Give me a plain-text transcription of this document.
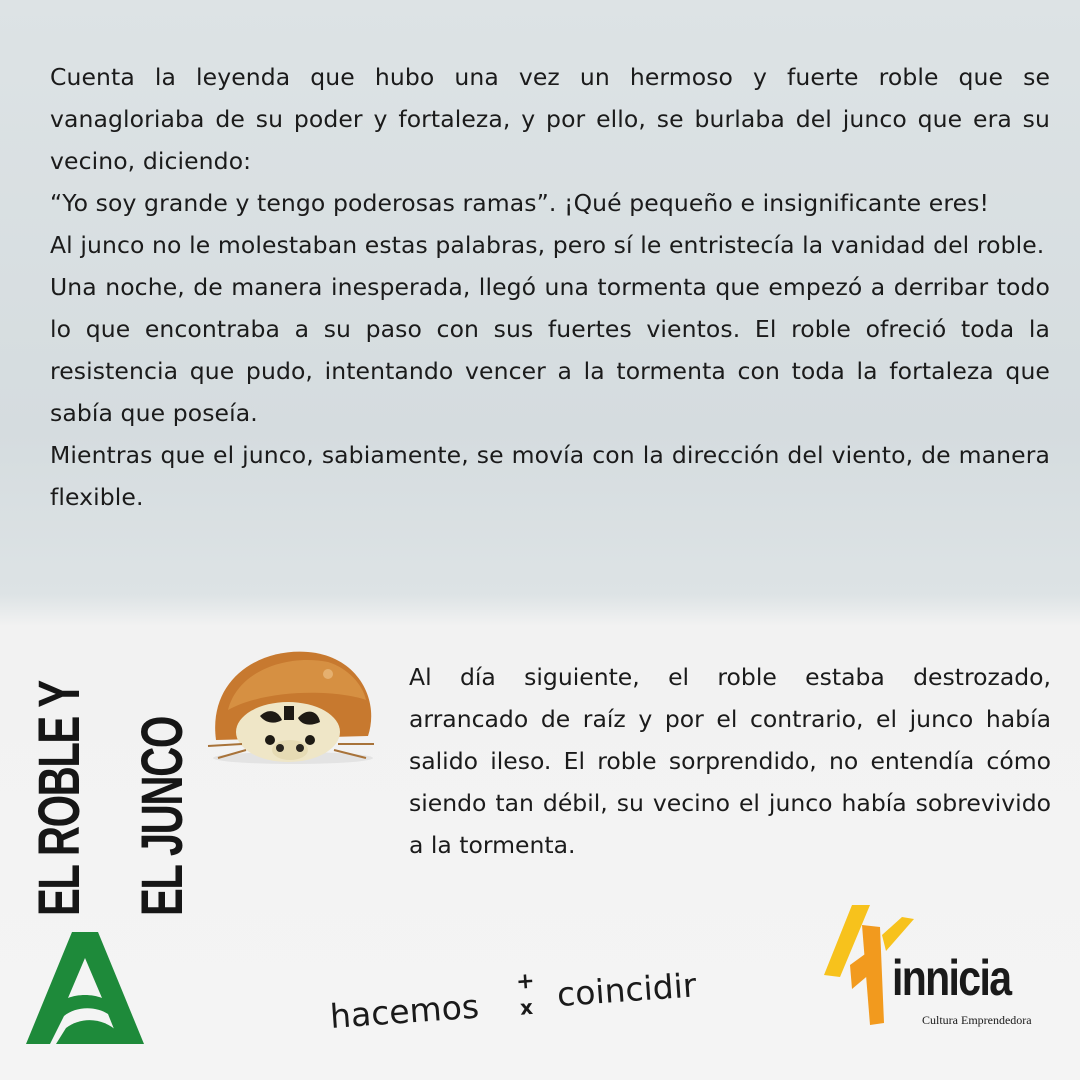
Cuenta la leyenda que hubo una vez un hermoso y fuerte roble que se vanagloriaba de su poder y fortaleza, y por ello, se burlaba del junco que era su vecino, diciendo:

“Yo soy grande y tengo poderosas ramas”. ¡Qué pequeño e insignificante eres!

Al junco no le molestaban estas palabras, pero sí le entristecía la vanidad del roble.

Una noche, de manera inesperada, llegó una tormenta que empezó a derribar todo lo que encontraba a su paso con sus fuertes vientos. El roble ofreció toda la resistencia que pudo, intentando vencer a la tormenta con toda la fortaleza que sabía que poseía.

Mientras que el junco, sabiamente, se movía con la dirección del viento, de manera flexible.

EL ROBLE Y EL JUNCO

Al día siguiente, el roble estaba destrozado, arrancado de raíz y por el contrario, el junco había salido ileso. El roble sorprendido, no entendía cómo siendo tan débil, su vecino el junco había sobrevivido a la tormenta.

hacemos
+
x coincidir	innicia
Cultura Emprendedora
